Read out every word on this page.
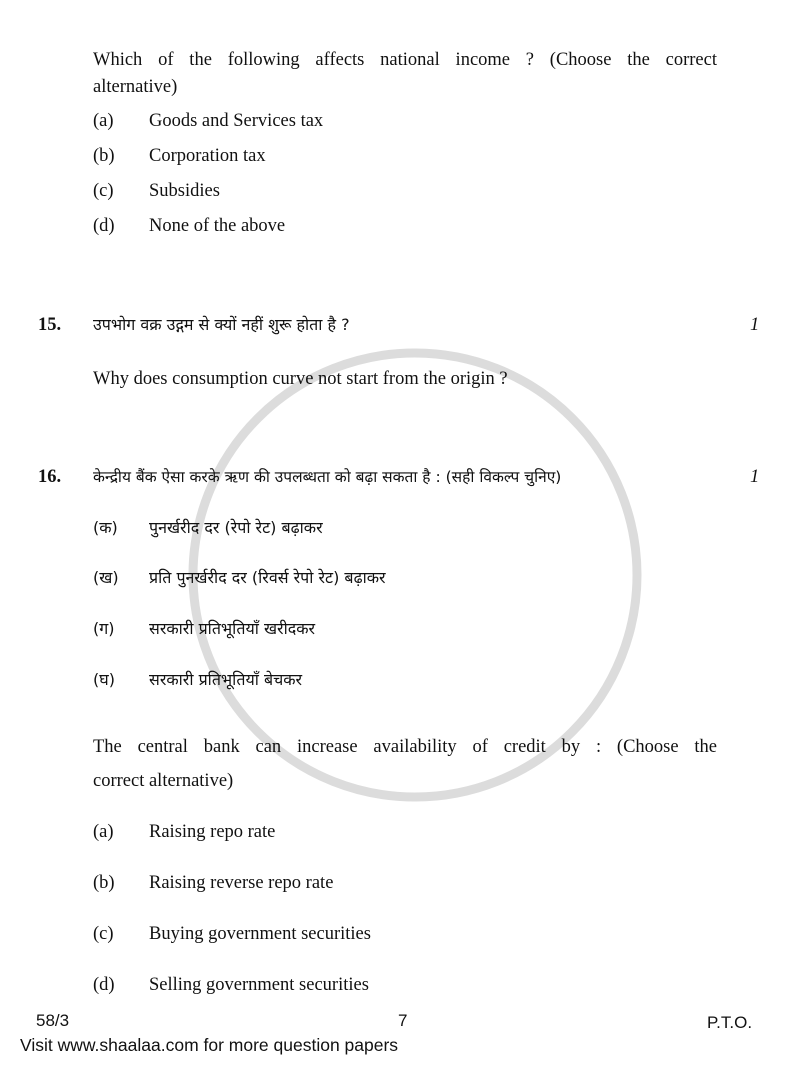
Which of the following affects national income ? (Choose the correct
alternative)
(a) Goods and Services tax
(b) Corporation tax
(c) Subsidies
(d) None of the above
15. उपभोग वक्र उद्गम से क्यों नहीं शुरू होता है ?	1
Why does consumption curve not start from the origin ?
16. केन्द्रीय बैंक ऐसा करके ऋण की उपलब्धता को बढ़ा सकता है : (सही विकल्प चुनिए)	1
(क) पुनर्खरीद दर (रेपो रेट) बढ़ाकर
(ख) प्रति पुनर्खरीद दर (रिवर्स रेपो रेट) बढ़ाकर
(ग) सरकारी प्रतिभूतियाँ खरीदकर
(घ) सरकारी प्रतिभूतियाँ बेचकर
The central bank can increase availability of credit by : (Choose the
correct alternative)
(a) Raising repo rate
(b) Raising reverse repo rate
(c) Buying government securities
(d) Selling government securities
58/3	7	P.T.O.
Visit www.shaalaa.com for more question papers
